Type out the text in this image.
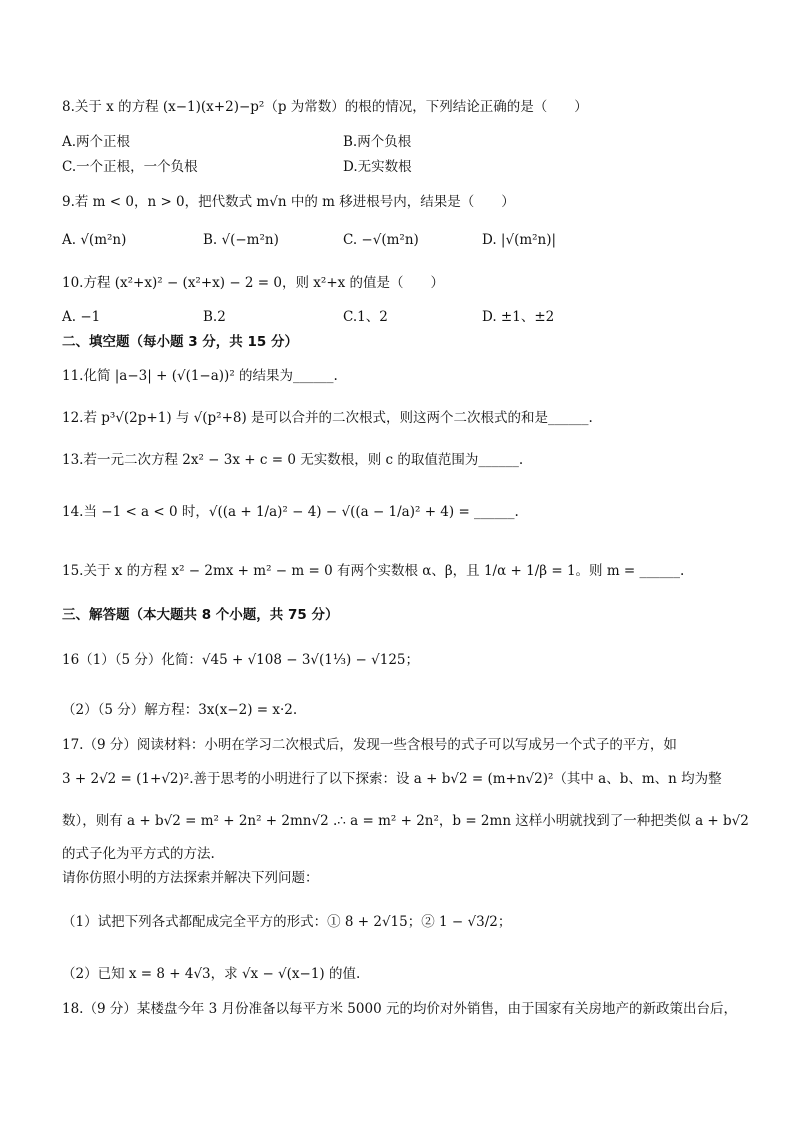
8.关于 x 的方程 (x−1)(x+2)−p²（p 为常数）的根的情况，下列结论正确的是（　　）
A.两个正根	B.两个负根
C.一个正根，一个负根	D.无实数根
9.若 m < 0，n > 0，把代数式 m√n 中的 m 移进根号内，结果是（　　）
A. √(m²n)	B. √(−m²n)	C. −√(m²n)	D. |√(m²n)|
10.方程 (x²+x)² − (x²+x) − 2 = 0，则 x²+x 的值是（　　）
A. −1	B.2	C.1、2	D. ±1、±2
二、填空题（每小题 3 分，共 15 分）
11.化简 |a−3| + (√(1−a))² 的结果为______.
12.若 p³√(2p+1) 与 √(p²+8) 是可以合并的二次根式，则这两个二次根式的和是______.
13.若一元二次方程 2x² − 3x + c = 0 无实数根，则 c 的取值范围为______.
14.当 −1 < a < 0 时，√((a + 1/a)² − 4) − √((a − 1/a)² + 4) = ______.
15.关于 x 的方程 x² − 2mx + m² − m = 0 有两个实数根 α、β，且 1/α + 1/β = 1。则 m = ______.
三、解答题（本大题共 8 个小题，共 75 分）
16（1）（5 分）化简：√45 + √108 − 3√(1⅓) − √125；
（2）（5 分）解方程：3x(x−2) = x·2.
17.（9 分）阅读材料：小明在学习二次根式后，发现一些含根号的式子可以写成另一个式子的平方，如
3 + 2√2 = (1+√2)².善于思考的小明进行了以下探索：设 a + b√2 = (m+n√2)²（其中 a、b、m、n 均为整
数），则有 a + b√2 = m² + 2n² + 2mn√2 .∴ a = m² + 2n²，b = 2mn 这样小明就找到了一种把类似 a + b√2
的式子化为平方式的方法.
请你仿照小明的方法探索并解决下列问题：
（1）试把下列各式都配成完全平方的形式：① 8 + 2√15；② 1 − √3/2；
（2）已知 x = 8 + 4√3，求 √x − √(x−1) 的值.
18.（9 分）某楼盘今年 3 月份准备以每平方米 5000 元的均价对外销售，由于国家有关房地产的新政策出台后，
